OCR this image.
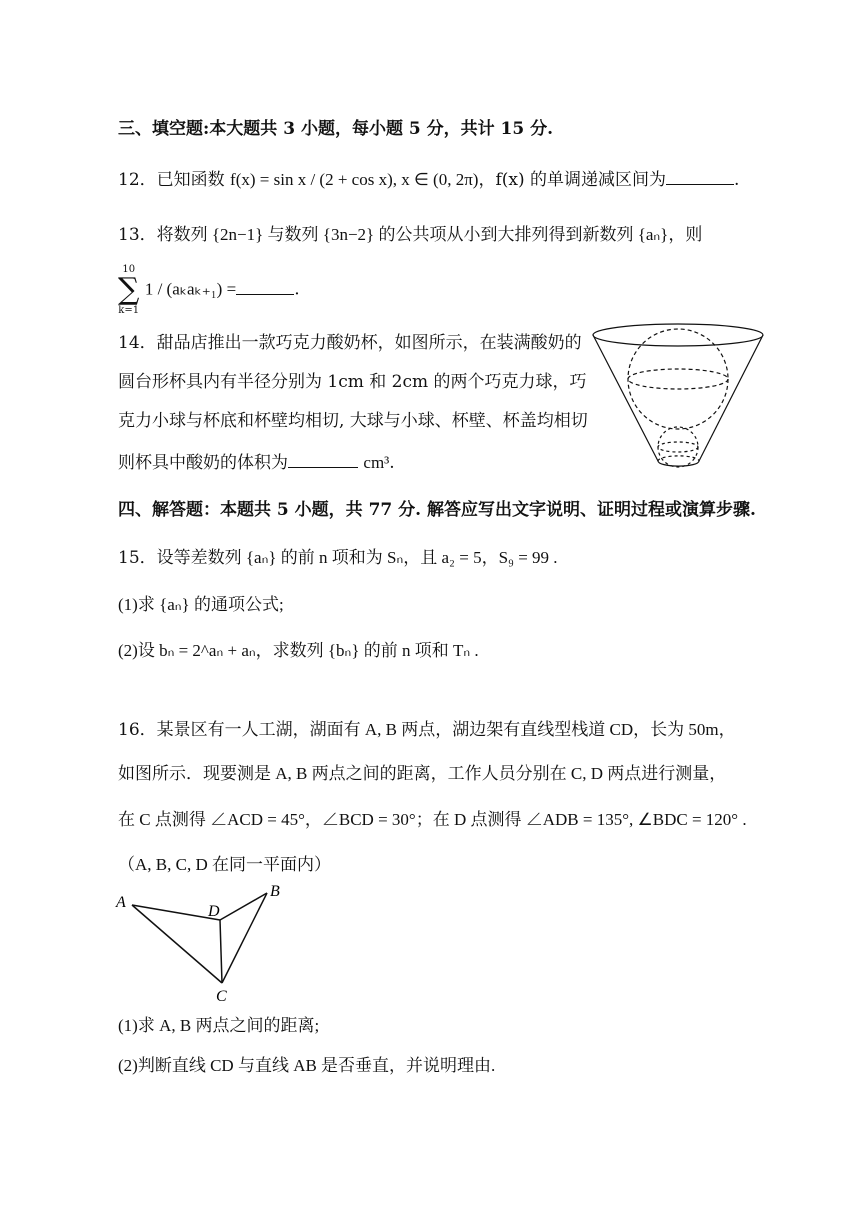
三、填空题:本大题共 3 小题，每小题 5 分，共计 15 分.
12．已知函数 f(x) = sin x / (2 + cos x), x ∈ (0, 2π)，f(x) 的单调递减区间为	.
13．将数列 {2n−1} 与数列 {3n−2} 的公共项从小到大排列得到新数列 {aₙ}，则
10
∑
k=1
1 / (aₖaₖ₊₁) =	.
14．甜品店推出一款巧克力酸奶杯，如图所示，在装满酸奶的
圆台形杯具内有半径分别为 1cm 和 2cm 的两个巧克力球，巧
克力小球与杯底和杯壁均相切, 大球与小球、杯壁、杯盖均相切
则杯具中酸奶的体积为	cm³.
四、解答题：本题共 5 小题，共 77 分. 解答应写出文字说明、证明过程或演算步骤.
15．设等差数列 {aₙ} 的前 n 项和为 Sₙ，且 a₂ = 5，S₉ = 99 .
(1)求 {aₙ} 的通项公式;
(2)设 bₙ = 2^aₙ + aₙ，求数列 {bₙ} 的前 n 项和 Tₙ .
16．某景区有一人工湖，湖面有 A, B 两点，湖边架有直线型栈道 CD，长为 50m，
如图所示．现要测是 A, B 两点之间的距离，工作人员分别在 C, D 两点进行测量，
在 C 点测得 ∠ACD = 45°，∠BCD = 30°；在 D 点测得 ∠ADB = 135°, ∠BDC = 120° .
（A, B, C, D 在同一平面内）
A
D
B
C
(1)求 A, B 两点之间的距离;
(2)判断直线 CD 与直线 AB 是否垂直，并说明理由.
